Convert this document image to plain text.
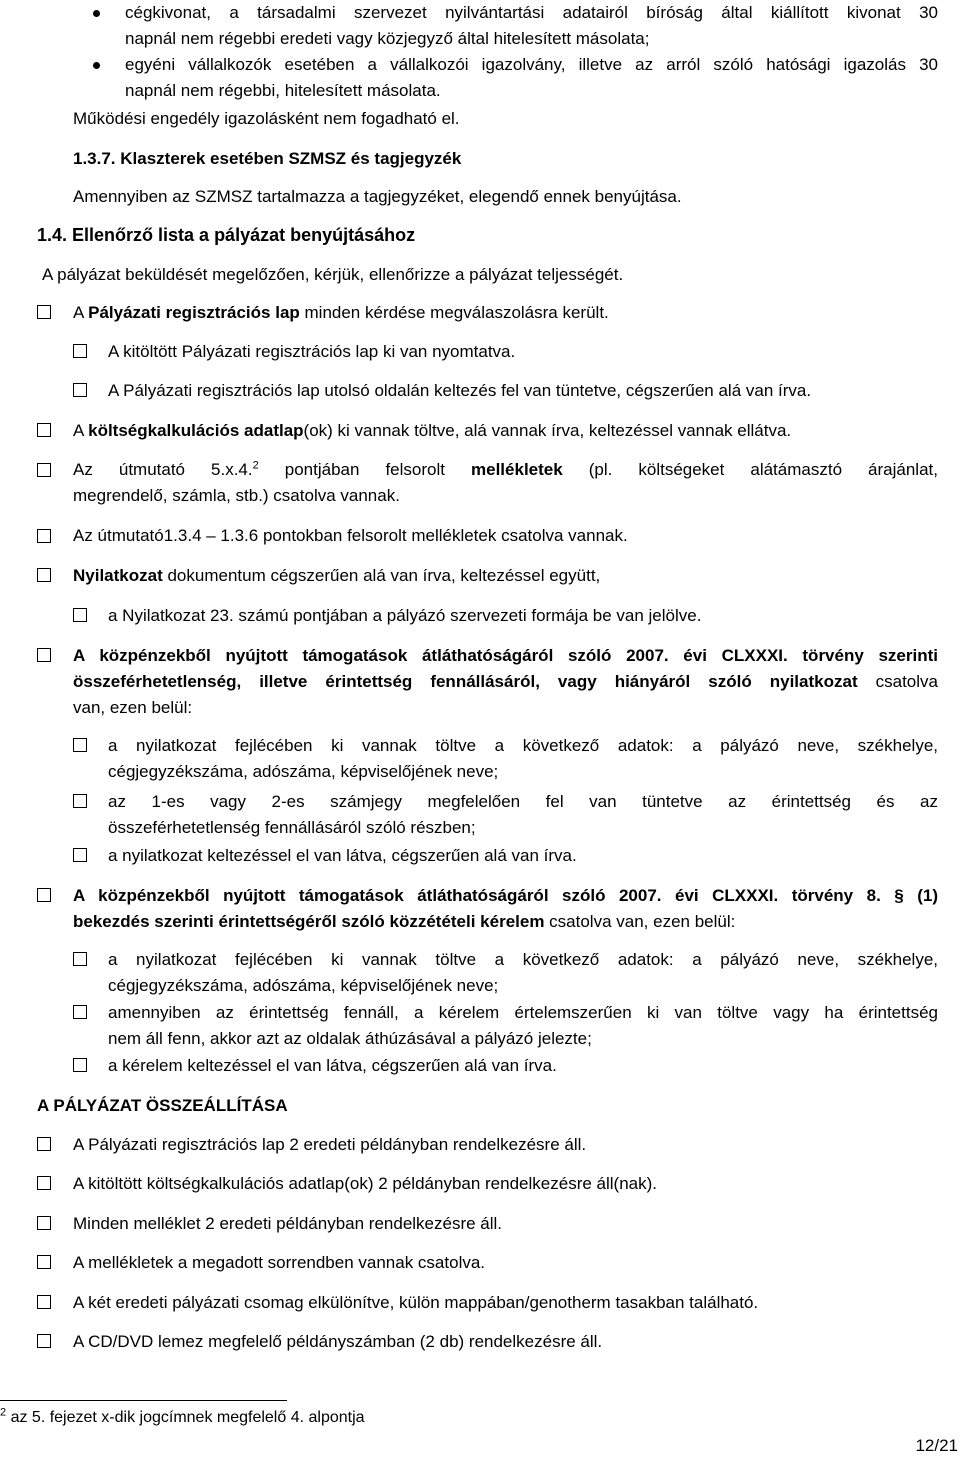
cégkivonat, a társadalmi szervezet nyilvántartási adatairól bíróság által kiállított kivonat 30
napnál nem régebbi eredeti vagy közjegyző által hitelesített másolata;
egyéni vállalkozók esetében a vállalkozói igazolvány, illetve az arról szóló hatósági igazolás 30
napnál nem régebbi, hitelesített másolata.
Működési engedély igazolásként nem fogadható el.
1.3.7. Klaszterek esetében SZMSZ és tagjegyzék
Amennyiben az SZMSZ tartalmazza a tagjegyzéket, elegendő ennek benyújtása.
1.4. Ellenőrző lista a pályázat benyújtásához
A pályázat beküldését megelőzően, kérjük, ellenőrizze a pályázat teljességét.
A Pályázati regisztrációs lap minden kérdése megválaszolásra került.
A kitöltött Pályázati regisztrációs lap ki van nyomtatva.
A Pályázati regisztrációs lap utolsó oldalán keltezés fel van tüntetve, cégszerűen alá van írva.
A költségkalkulációs adatlap(ok) ki vannak töltve, alá vannak írva, keltezéssel vannak ellátva.
Az útmutató 5.x.4.$^2$ pontjában felsorolt mellékletek (pl. költségeket alátámasztó árajánlat,
megrendelő, számla, stb.) csatolva vannak.
Az útmutató1.3.4 – 1.3.6 pontokban felsorolt mellékletek csatolva vannak.
Nyilatkozat dokumentum cégszerűen alá van írva, keltezéssel együtt,
a Nyilatkozat 23. számú pontjában a pályázó szervezeti formája be van jelölve.
A közpénzekből nyújtott támogatások átláthatóságáról szóló 2007. évi CLXXXI. törvény szerinti
összeférhetetlenség, illetve érintettség fennállásáról, vagy hiányáról szóló nyilatkozat csatolva
van, ezen belül:
a nyilatkozat fejlécében ki vannak töltve a következő adatok: a pályázó neve, székhelye,
cégjegyzékszáma, adószáma, képviselőjének neve;
az 1-es vagy 2-es számjegy megfelelően fel van tüntetve az érintettség és az
összeférhetetlenség fennállásáról szóló részben;
a nyilatkozat keltezéssel el van látva, cégszerűen alá van írva.
A közpénzekből nyújtott támogatások átláthatóságáról szóló 2007. évi CLXXXI. törvény 8. § (1)
bekezdés szerinti érintettségéről szóló közzétételi kérelem csatolva van, ezen belül:
a nyilatkozat fejlécében ki vannak töltve a következő adatok: a pályázó neve, székhelye,
cégjegyzékszáma, adószáma, képviselőjének neve;
amennyiben az érintettség fennáll, a kérelem értelemszerűen ki van töltve vagy ha érintettség
nem áll fenn, akkor azt az oldalak áthúzásával a pályázó jelezte;
a kérelem keltezéssel el van látva, cégszerűen alá van írva.
A PÁLYÁZAT ÖSSZEÁLLÍTÁSA
A Pályázati regisztrációs lap 2 eredeti példányban rendelkezésre áll.
A kitöltött költségkalkulációs adatlap(ok) 2 példányban rendelkezésre áll(nak).
Minden melléklet 2 eredeti példányban rendelkezésre áll.
A mellékletek a megadott sorrendben vannak csatolva.
A két eredeti pályázati csomag elkülönítve, külön mappában/genotherm tasakban található.
A CD/DVD lemez megfelelő példányszámban (2 db) rendelkezésre áll.
$^2$ az 5. fejezet x-dik jogcímnek megfelelő 4. alpontja
12/21
